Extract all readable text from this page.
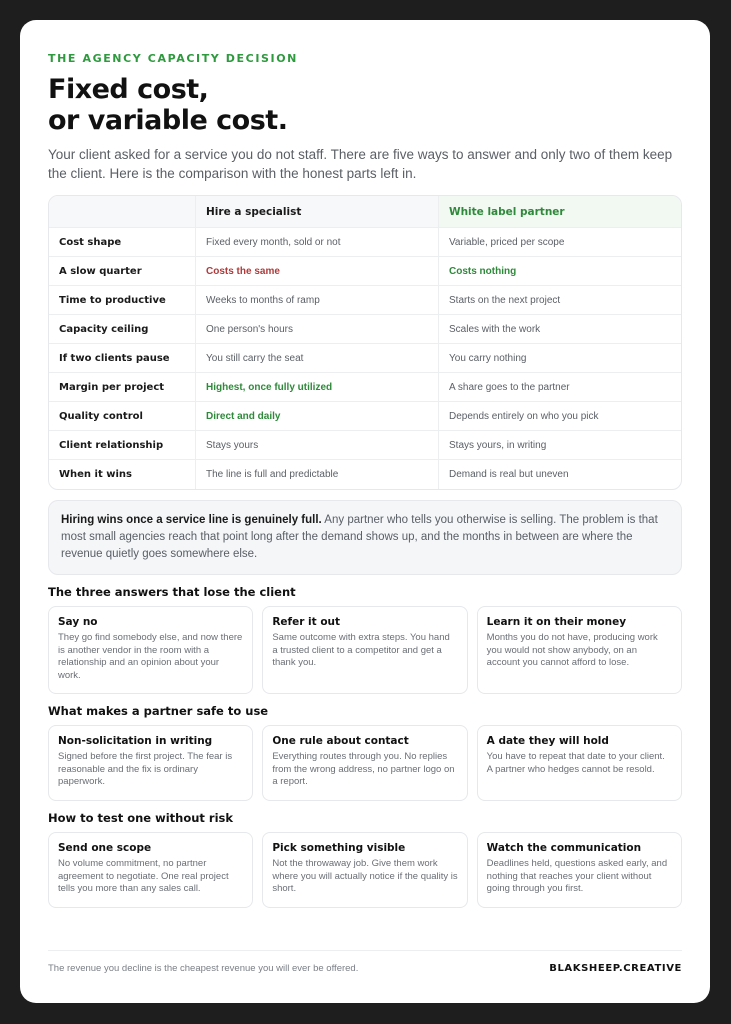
THE AGENCY CAPACITY DECISION
Fixed cost,
or variable cost.

Your client asked for a service you do not staff. There are five ways to answer and only two of them keep the client. Here is the comparison with the honest parts left in.

	Hire a specialist	White label partner
Cost shape	Fixed every month, sold or not	Variable, priced per scope
A slow quarter	Costs the same	Costs nothing
Time to productive	Weeks to months of ramp	Starts on the next project
Capacity ceiling	One person's hours	Scales with the work
If two clients pause	You still carry the seat	You carry nothing
Margin per project	Highest, once fully utilized	A share goes to the partner
Quality control	Direct and daily	Depends entirely on who you pick
Client relationship	Stays yours	Stays yours, in writing
When it wins	The line is full and predictable	Demand is real but uneven
Hiring wins once a service line is genuinely full. Any partner who tells you otherwise is selling. The problem is that most small agencies reach that point long after the demand shows up, and the months in between are where the revenue quietly goes somewhere else.
The three answers that lose the client
Say no

They go find somebody else, and now there is another vendor in the room with a relationship and an opinion about your work.

Refer it out

Same outcome with extra steps. You hand a trusted client to a competitor and get a thank you.

Learn it on their money

Months you do not have, producing work you would not show anybody, on an account you cannot afford to lose.

What makes a partner safe to use
Non-solicitation in writing

Signed before the first project. The fear is reasonable and the fix is ordinary paperwork.

One rule about contact

Everything routes through you. No replies from the wrong address, no partner logo on a report.

A date they will hold

You have to repeat that date to your client. A partner who hedges cannot be resold.

How to test one without risk
Send one scope

No volume commitment, no partner agreement to negotiate. One real project tells you more than any sales call.

Pick something visible

Not the throwaway job. Give them work where you will actually notice if the quality is short.

Watch the communication

Deadlines held, questions asked early, and nothing that reaches your client without going through you first.

The revenue you decline is the cheapest revenue you will ever be offered.	BLAKSHEEP.CREATIVE
